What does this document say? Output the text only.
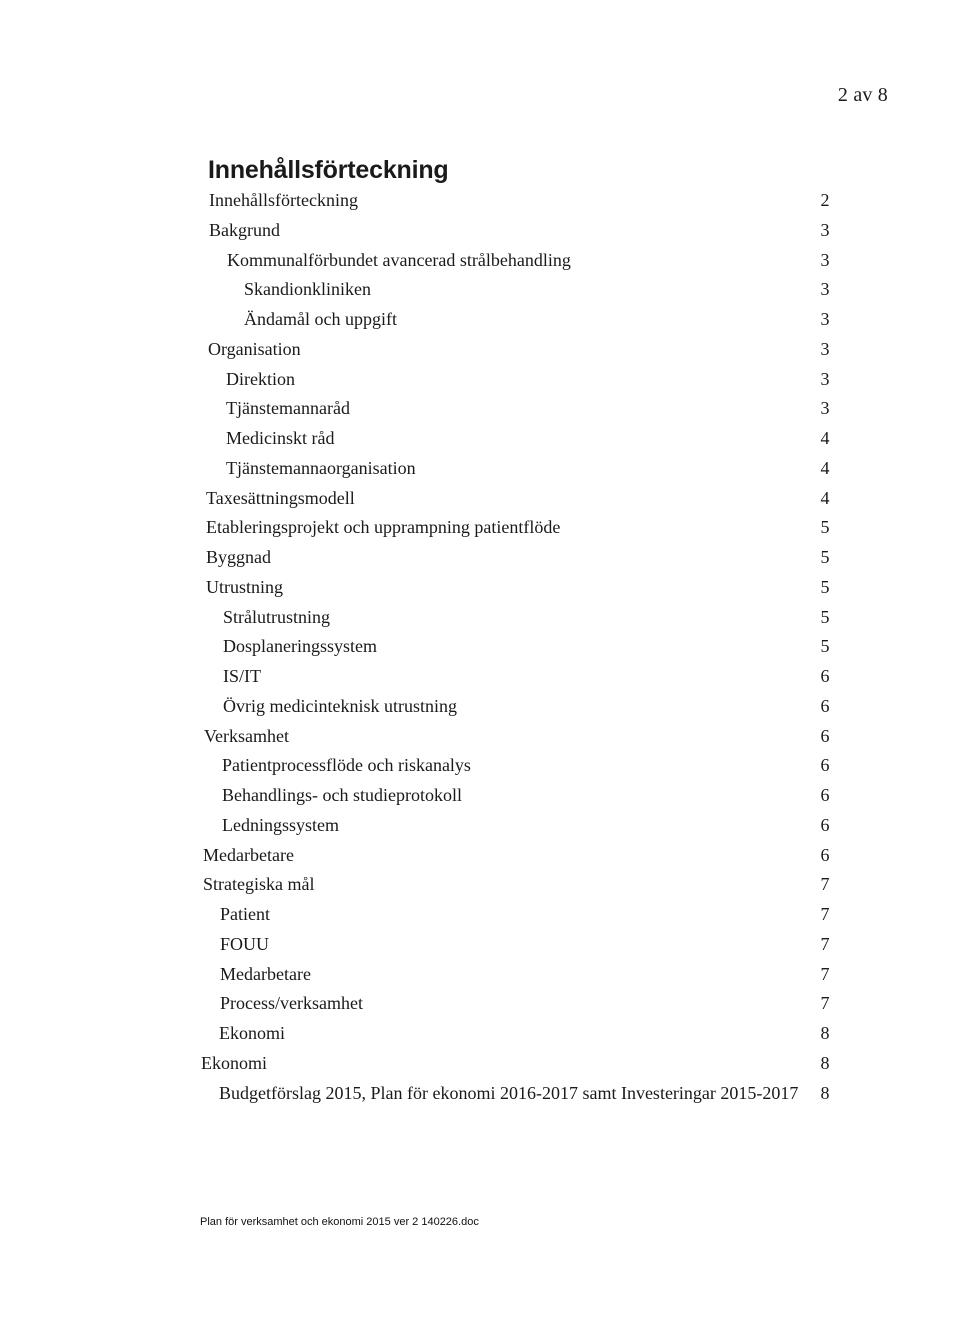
2 av 8
Innehållsförteckning
Innehållsförteckning	2
Bakgrund	3
Kommunalförbundet avancerad strålbehandling	3
Skandionkliniken	3
Ändamål och uppgift	3
Organisation	3
Direktion	3
Tjänstemannaråd	3
Medicinskt råd	4
Tjänstemannaorganisation	4
Taxesättningsmodell	4
Etableringsprojekt och upprampning patientflöde	5
Byggnad	5
Utrustning	5
Strålutrustning	5
Dosplaneringssystem	5
IS/IT	6
Övrig medicinteknisk utrustning	6
Verksamhet	6
Patientprocessflöde och riskanalys	6
Behandlings- och studieprotokoll	6
Ledningssystem	6
Medarbetare	6
Strategiska mål	7
Patient	7
FOUU	7
Medarbetare	7
Process/verksamhet	7
Ekonomi	8
Ekonomi	8
Budgetförslag 2015, Plan för ekonomi 2016-2017 samt Investeringar 2015-2017	8
Plan för verksamhet och ekonomi 2015 ver 2 140226.doc
